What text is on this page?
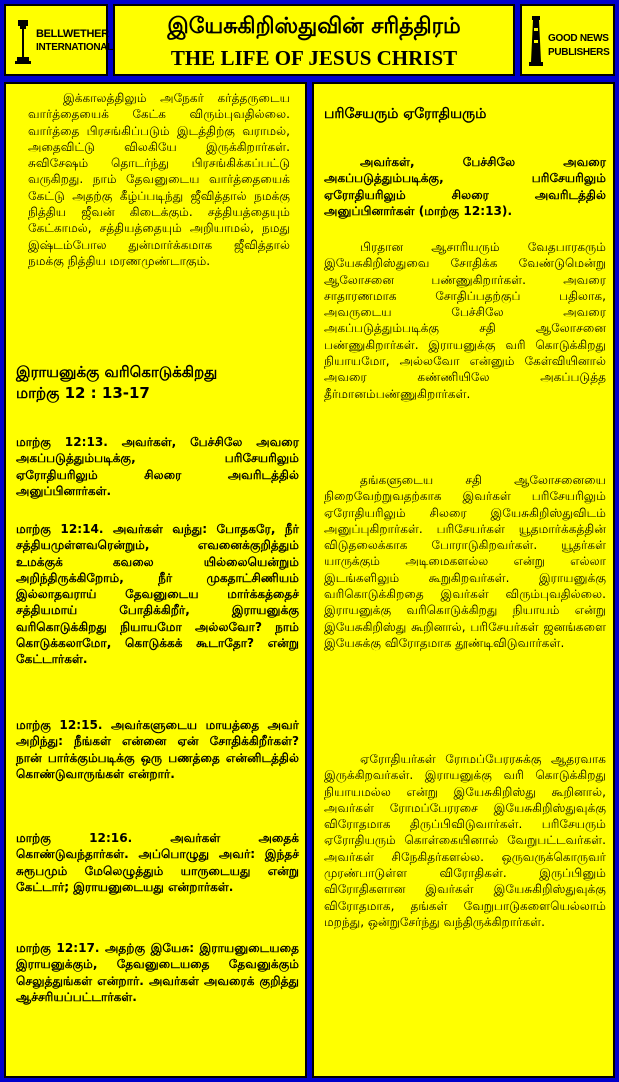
BELLWETHER
INTERNATIONAL
இயேசுகிறிஸ்துவின் சரித்திரம்
THE LIFE OF JESUS CHRIST
GOOD NEWS
PUBLISHERS

இக்காலத்திலும் அநேகர் கர்த்தருடைய வார்த்தையைக் கேட்க விரும்புவதில்லை. வார்த்தை பிரசங்கிப்படும் இடத்திற்கு வராமல், அதைவிட்டு விலகியே இருக்கிறார்கள். சுவிசேஷம் தொடர்ந்து பிரசங்கிக்கப்பட்டு வருகிறது. நாம் தேவனுடைய வார்த்தையைக் கேட்டு அதற்கு கீழ்ப்படிந்து ஜீவித்தால் நமக்கு நித்திய ஜீவன் கிடைக்கும். சத்தியத்தையும் கேட்காமல், சத்தியத்தையும் அறியாமல், நமது இஷ்டம்போல துன்மார்க்கமாக ஜீவித்தால் நமக்கு நித்திய மரணமுண்டாகும்.

இராயனுக்கு வரிகொடுக்கிறது
மாற்கு 12 : 13-17

மாற்கு 12:13. அவர்கள், பேச்சிலே அவரை அகப்படுத்தும்படிக்கு, பரிசேயரிலும் ஏரோதியரிலும் சிலரை அவரிடத்தில் அனுப்பினார்கள்.

மாற்கு 12:14. அவர்கள் வந்து: போதகரே, நீர் சத்தியமுள்ளவரென்றும், எவனைக்குறித்தும் உமக்குக் கவலை யில்லையென்றும் அறிந்திருக்கிறோம், நீர் முகதாட்சிணியம் இல்லாதவராய் தேவனுடைய மார்க்கத்தைச் சத்தியமாய் போதிக்கிறீர், இராயனுக்கு வரிகொடுக்கிறது நியாயமோ அல்லவோ? நாம் கொடுக்கலாமோ, கொடுக்கக் கூடாதோ? என்று கேட்டார்கள்.

மாற்கு 12:15. அவர்களுடைய மாயத்தை அவர் அறிந்து: நீங்கள் என்னை ஏன் சோதிக்கிறீர்கள்? நான் பார்க்கும்படிக்கு ஒரு பணத்தை என்னிடத்தில் கொண்டுவாருங்கள் என்றார்.

மாற்கு 12:16. அவர்கள் அதைக் கொண்டுவந்தார்கள். அப்பொழுது அவர்: இந்தச் சுரூபமும் மேலெழுத்தும் யாருடையது என்று கேட்டார்; இராயனுடையது என்றார்கள்.

மாற்கு 12:17. அதற்கு இயேசு: இராயனுடையதை இராயனுக்கும், தேவனுடையதை தேவனுக்கும் செலுத்துங்கள் என்றார். அவர்கள் அவரைக் குறித்து ஆச்சரியப்பட்டார்கள்.

பரிசேயரும் ஏரோதியரும்

அவர்கள், பேச்சிலே அவரை அகப்படுத்தும்படிக்கு, பரிசேயரிலும் ஏரோதியரிலும் சிலரை அவரிடத்தில் அனுப்பினார்கள் (மாற்கு 12:13).

பிரதான ஆசாரியரும் வேதபாரகரும் இயேசுகிறிஸ்துவை சோதிக்க வேண்டுமென்று ஆலோசனை பண்ணுகிறார்கள். அவரை சாதாரணமாக சோதிப்பதற்குப் பதிலாக, அவருடைய பேச்சிலே அவரை அகப்படுத்தும்படிக்கு சதி ஆலோசனை பண்ணுகிறார்கள். இராயனுக்கு வரி கொடுக்கிறது நியாயமோ, அல்லவோ என்னும் கேள்வியினால் அவரை கண்ணியிலே அகப்படுத்த தீர்மானம்பண்ணுகிறார்கள்.

தங்களுடைய சதி ஆலோசனையை நிறைவேற்றுவதற்காக இவர்கள் பரிசேயரிலும் ஏரோதியரிலும் சிலரை இயேசுகிறிஸ்துவிடம் அனுப்புகிறார்கள். பரிசேயர்கள் யூதமார்க்கத்தின் விடுதலைக்காக போராடுகிறவர்கள். யூதர்கள் யாருக்கும் அடிமைகளல்ல என்று எல்லா இடங்களிலும் கூறுகிறவர்கள். இராயனுக்கு வரிகொடுக்கிறதை இவர்கள் விரும்புவதில்லை. இராயனுக்கு வரிகொடுக்கிறது நியாயம் என்று இயேசுகிறிஸ்து கூறினால், பரிசேயர்கள் ஜனங்களை இயேசுக்கு விரோதமாக தூண்டிவிடுவார்கள்.

ஏரோதியர்கள் ரோமப்பேரரசுக்கு ஆதரவாக இருக்கிறவர்கள். இராயனுக்கு வரி கொடுக்கிறது நியாயமல்ல என்று இயேசுகிறிஸ்து கூறினால், அவர்கள் ரோமப்பேரரசை இயேசுகிறிஸ்துவுக்கு விரோதமாக திருப்பிவிடுவார்கள். பரிசேயரும் ஏரோதியரும் கொள்கையினால் வேறுபட்டவர்கள். அவர்கள் சிநேகிதர்களல்ல. ஒருவருக்கொருவர் முரண்பாடுள்ள விரோதிகள். இருப்பினும் விரோதிகளான இவர்கள் இயேசுகிறிஸ்துவுக்கு விரோதமாக, தங்கள் வேறுபாடுகளையெல்லாம் மறந்து, ஒன்றுசேர்ந்து வந்திருக்கிறார்கள்.
